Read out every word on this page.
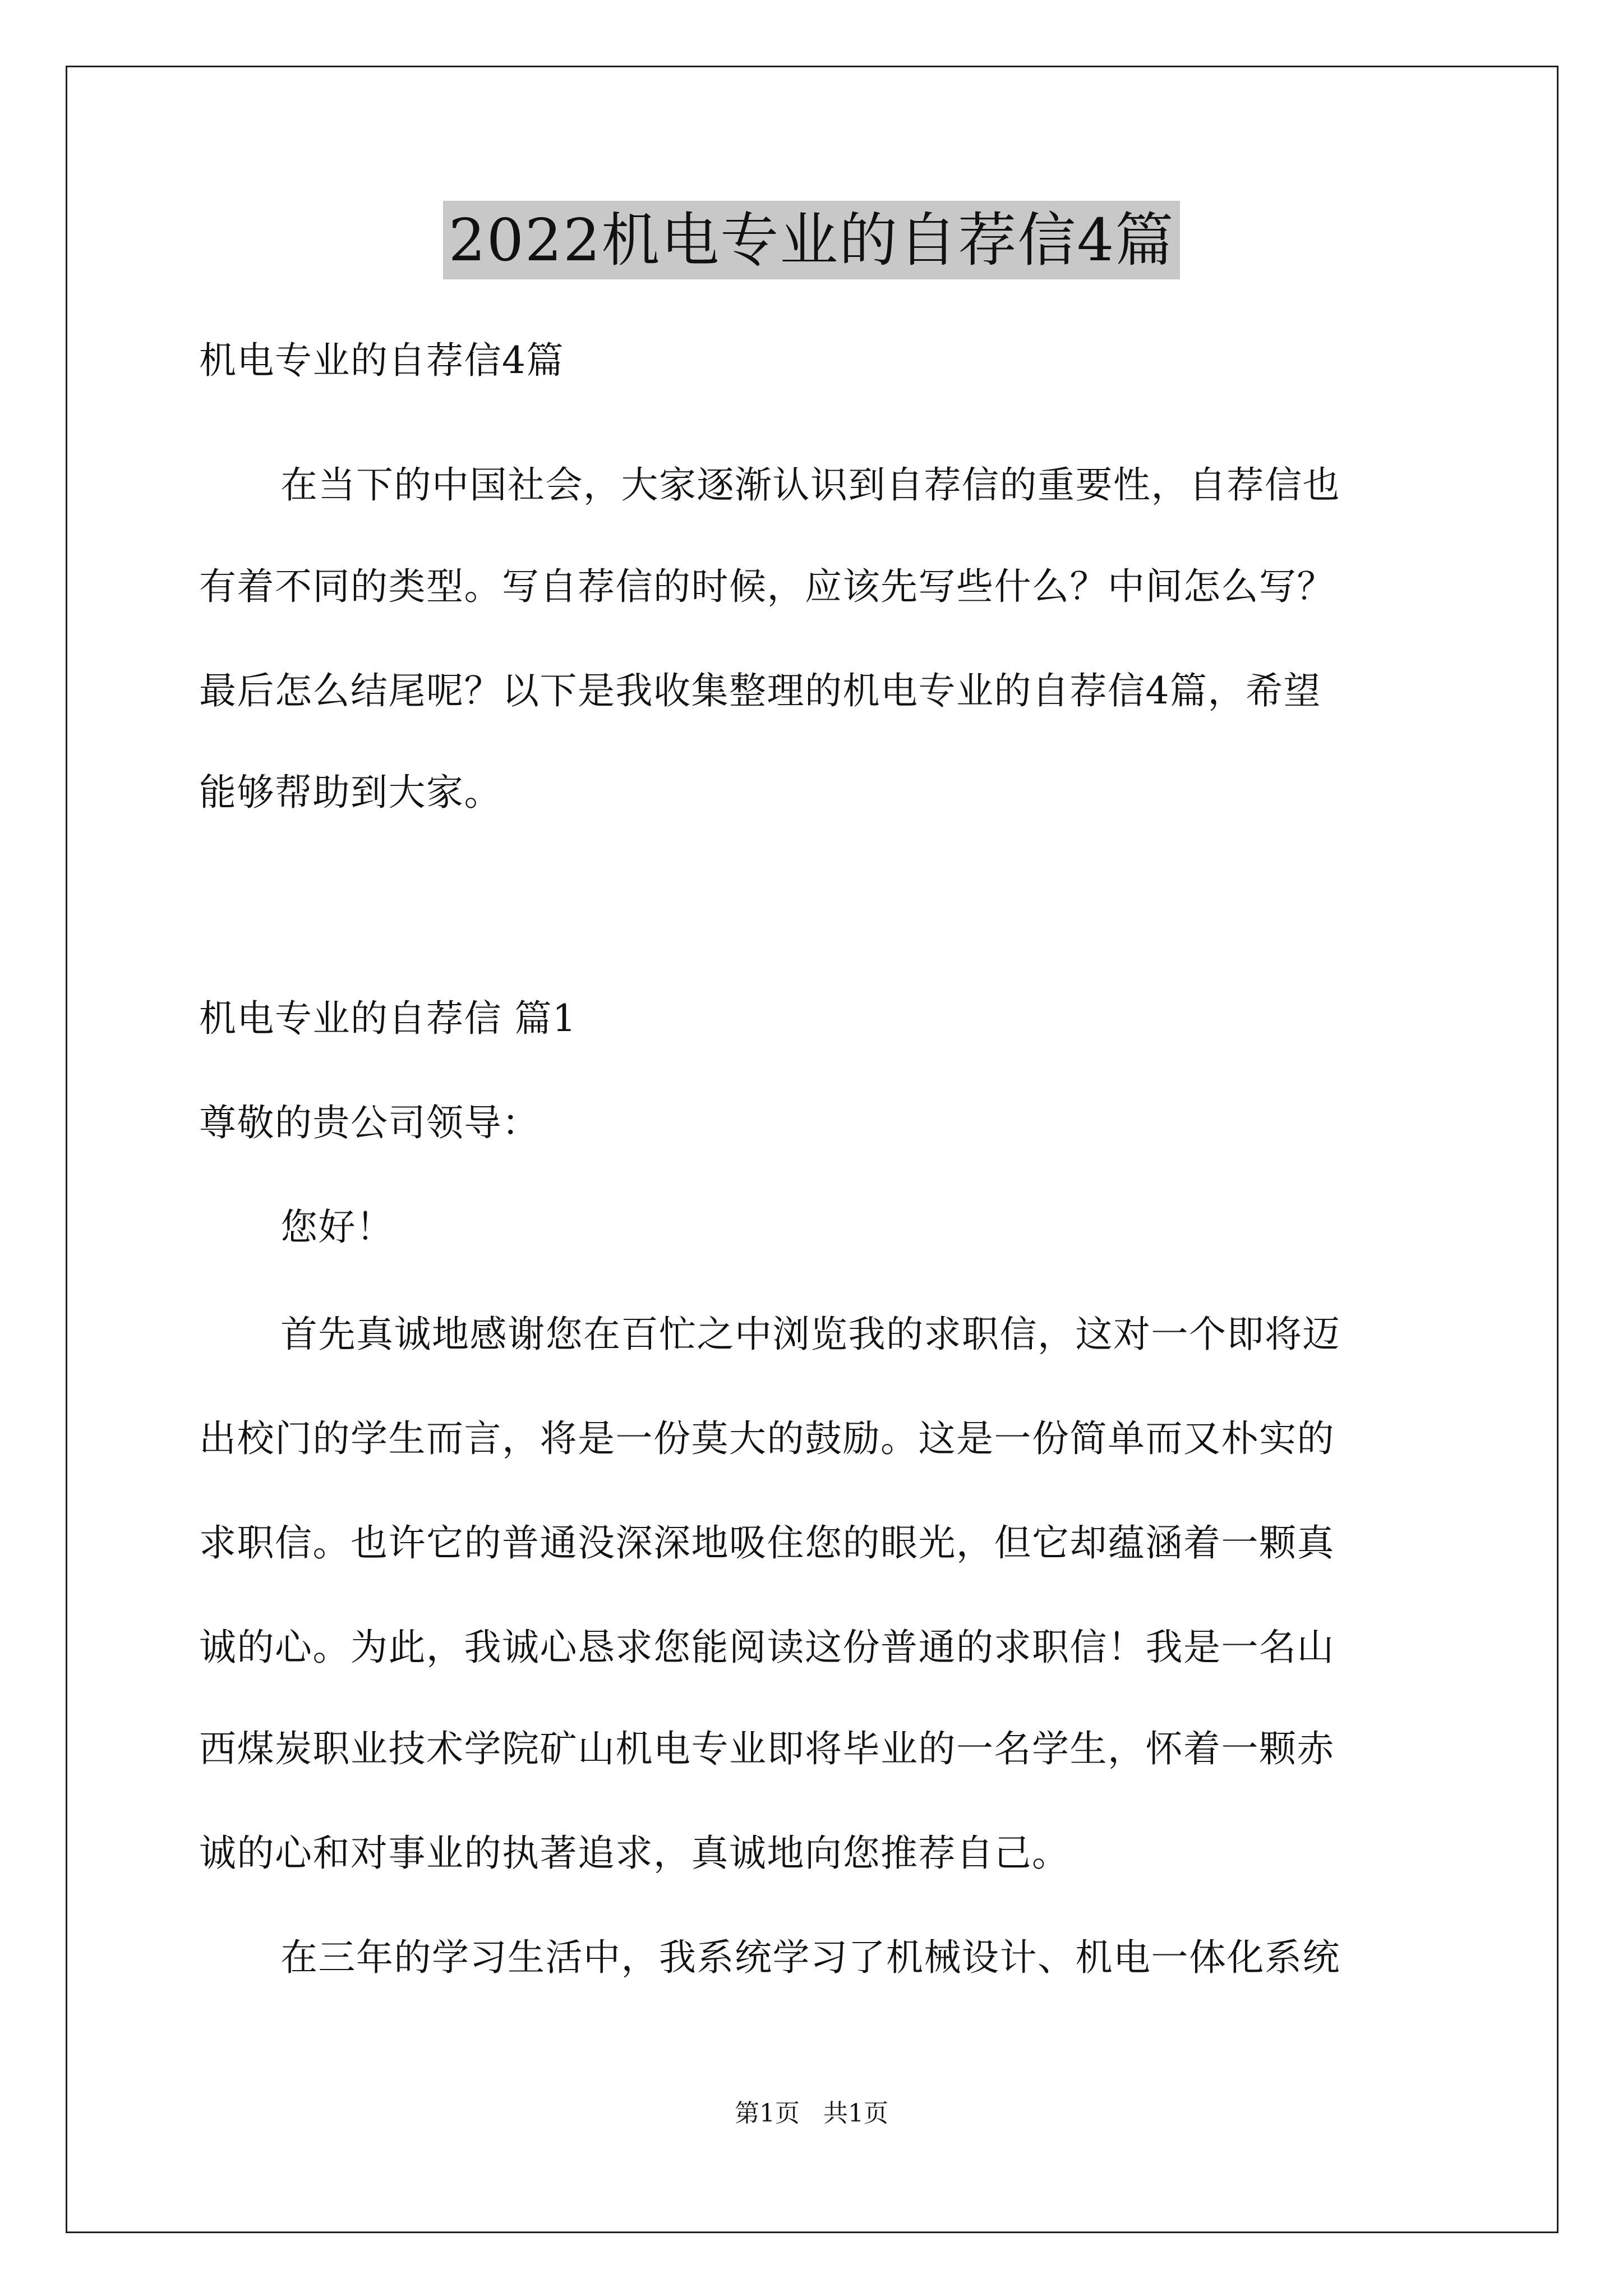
2022机电专业的自荐信4篇
机电专业的自荐信4篇
在当下的中国社会，大家逐渐认识到自荐信的重要性，自荐信也
有着不同的类型。写自荐信的时候，应该先写些什么？中间怎么写？
最后怎么结尾呢？以下是我收集整理的机电专业的自荐信4篇，希望
能够帮助到大家。
机电专业的自荐信 篇1
尊敬的贵公司领导：
您好！
首先真诚地感谢您在百忙之中浏览我的求职信，这对一个即将迈
出校门的学生而言，将是一份莫大的鼓励。这是一份简单而又朴实的
求职信。也许它的普通没深深地吸住您的眼光，但它却蕴涵着一颗真
诚的心。为此，我诚心恳求您能阅读这份普通的求职信！我是一名山
西煤炭职业技术学院矿山机电专业即将毕业的一名学生，怀着一颗赤
诚的心和对事业的执著追求，真诚地向您推荐自己。
在三年的学习生活中，我系统学习了机械设计、机电一体化系统
第1页   共1页
